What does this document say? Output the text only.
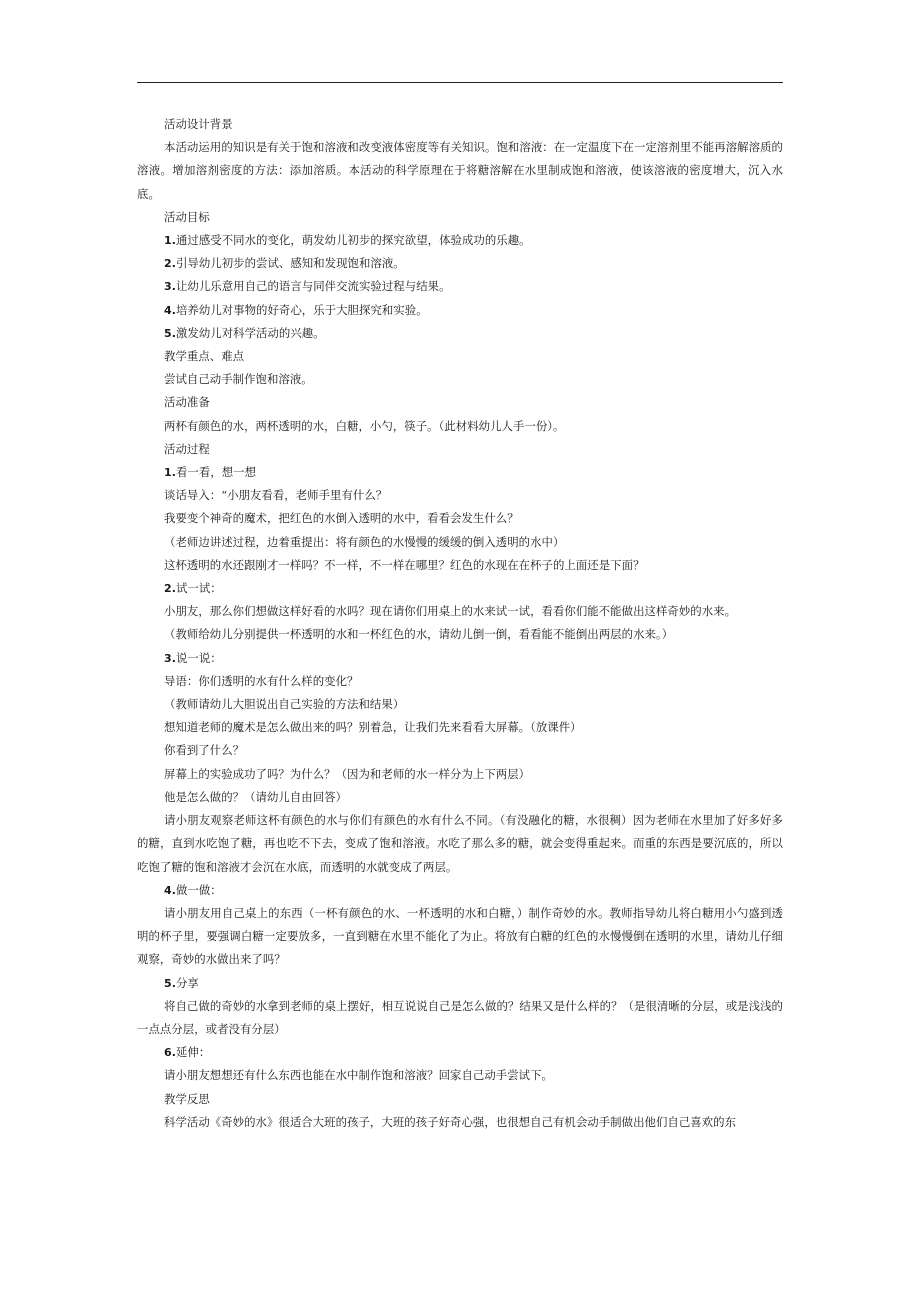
活动设计背景

本活动运用的知识是有关于饱和溶液和改变液体密度等有关知识。饱和溶液：在一定温度下在一定溶剂里不能再溶解溶质的溶液。增加溶剂密度的方法：添加溶质。本活动的科学原理在于将糖溶解在水里制成饱和溶液，使该溶液的密度增大，沉入水底。

活动目标

1.通过感受不同水的变化，萌发幼儿初步的探究欲望，体验成功的乐趣。

2.引导幼儿初步的尝试、感知和发现饱和溶液。

3.让幼儿乐意用自己的语言与同伴交流实验过程与结果。

4.培养幼儿对事物的好奇心，乐于大胆探究和实验。

5.激发幼儿对科学活动的兴趣。

教学重点、难点

尝试自己动手制作饱和溶液。

活动准备

两杯有颜色的水，两杯透明的水，白糖，小勺，筷子。（此材料幼儿人手一份）。

活动过程

1.看一看，想一想

谈话导入：“小朋友看看，老师手里有什么？

我要变个神奇的魔术，把红色的水倒入透明的水中，看看会发生什么？

（老师边讲述过程，边着重提出：将有颜色的水慢慢的缓缓的倒入透明的水中）

这杯透明的水还跟刚才一样吗？不一样，不一样在哪里？红色的水现在在杯子的上面还是下面？

2.试一试：

小朋友，那么你们想做这样好看的水吗？现在请你们用桌上的水来试一试，看看你们能不能做出这样奇妙的水来。

（教师给幼儿分别提供一杯透明的水和一杯红色的水，请幼儿倒一倒，看看能不能倒出两层的水来。）

3.说一说：

导语：你们透明的水有什么样的变化？

（教师请幼儿大胆说出自己实验的方法和结果）

想知道老师的魔术是怎么做出来的吗？别着急，让我们先来看看大屏幕。（放课件）

你看到了什么？

屏幕上的实验成功了吗？为什么？（因为和老师的水一样分为上下两层）

他是怎么做的？（请幼儿自由回答）

请小朋友观察老师这杯有颜色的水与你们有颜色的水有什么不同。（有没融化的糖，水很稠）因为老师在水里加了好多好多的糖，直到水吃饱了糖，再也吃不下去，变成了饱和溶液。水吃了那么多的糖，就会变得重起来。而重的东西是要沉底的，所以吃饱了糖的饱和溶液才会沉在水底，而透明的水就变成了两层。

4.做一做：

请小朋友用自己桌上的东西（一杯有颜色的水、一杯透明的水和白糖，）制作奇妙的水。教师指导幼儿将白糖用小勺盛到透明的杯子里，要强调白糖一定要放多，一直到糖在水里不能化了为止。将放有白糖的红色的水慢慢倒在透明的水里，请幼儿仔细观察，奇妙的水做出来了吗？

5.分享

将自己做的奇妙的水拿到老师的桌上摆好，相互说说自己是怎么做的？结果又是什么样的？（是很清晰的分层，或是浅浅的一点点分层，或者没有分层）

6.延伸：

请小朋友想想还有什么东西也能在水中制作饱和溶液？回家自己动手尝试下。

教学反思

科学活动《奇妙的水》很适合大班的孩子，大班的孩子好奇心强，也很想自己有机会动手制做出他们自己喜欢的东
